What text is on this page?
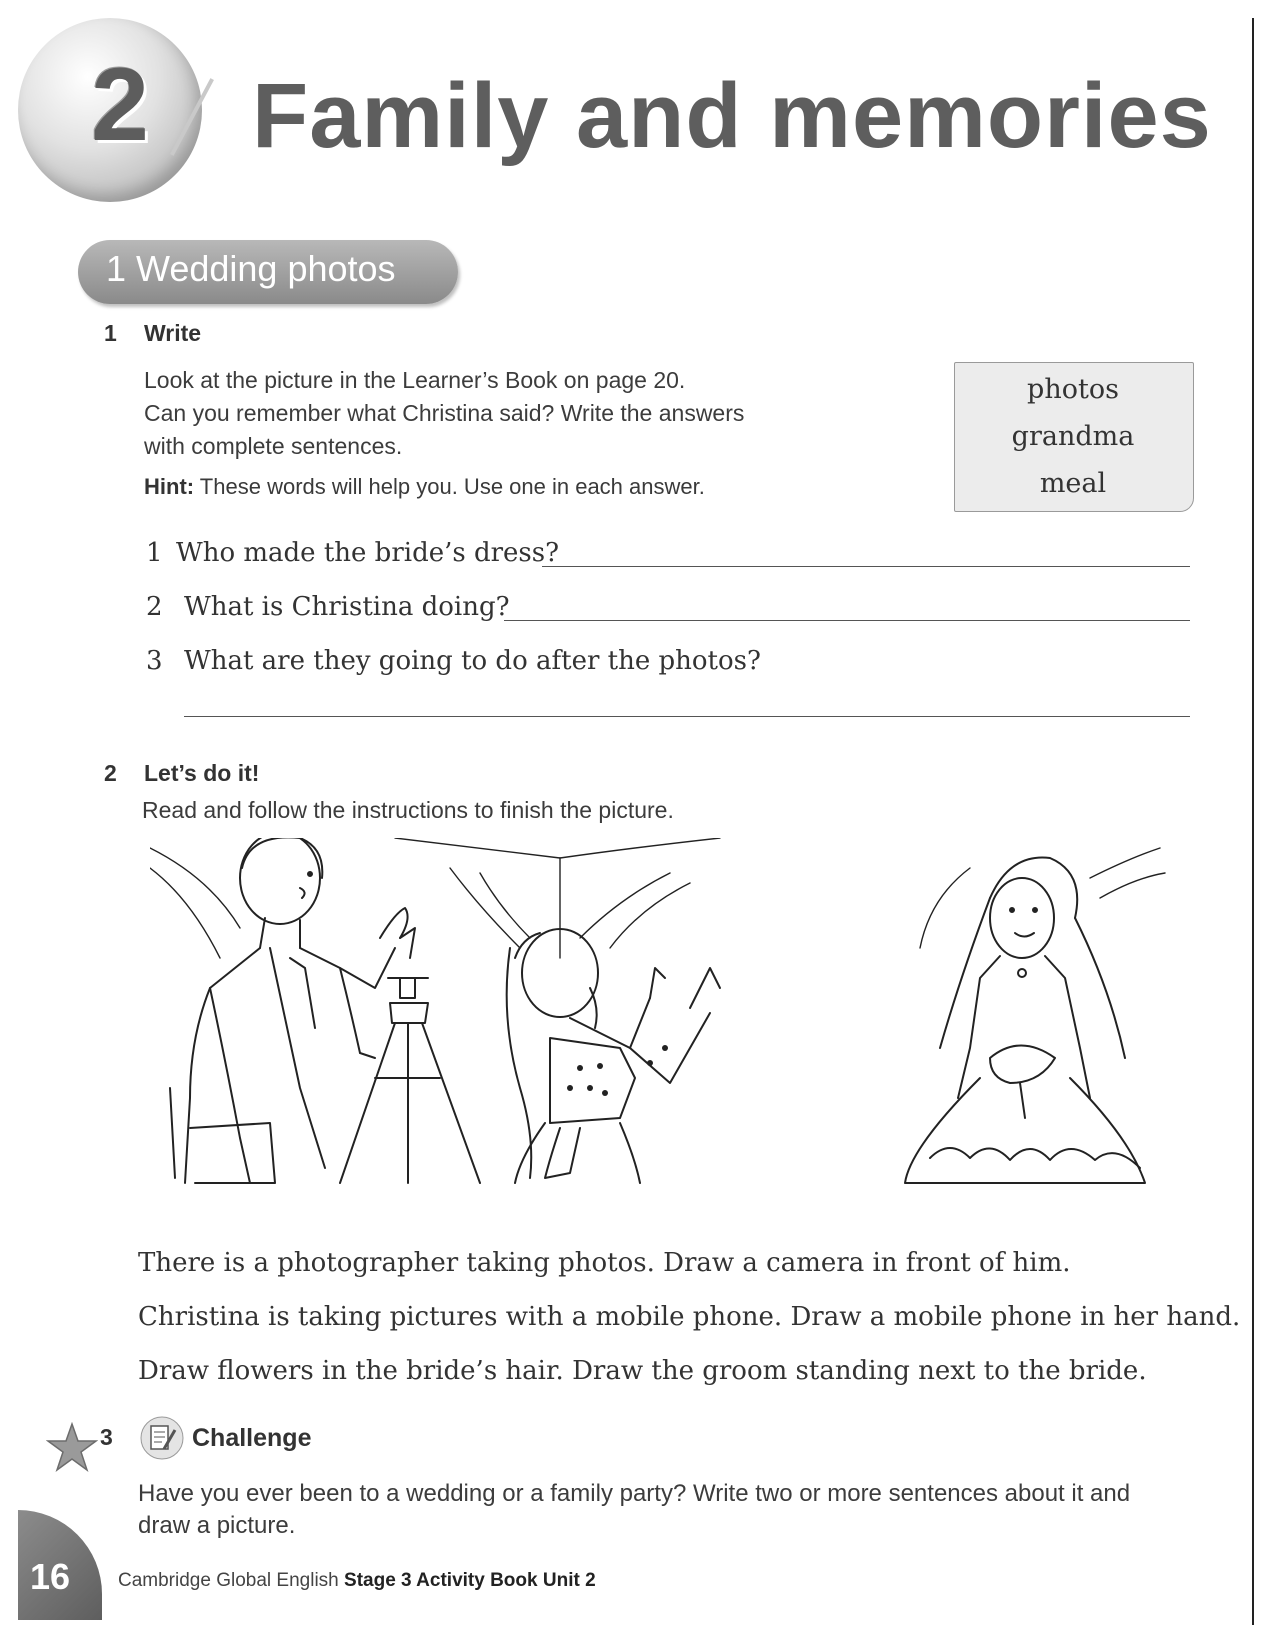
2 Family and memories
1 Wedding photos
1 Write
Look at the picture in the Learner’s Book on page 20.
Can you remember what Christina said? Write the answers
with complete sentences.
Hint: These words will help you. Use one in each answer.
photos
grandma
meal
1 Who made the bride’s dress?
2 What is Christina doing?
3 What are they going to do after the photos?
2 Let’s do it!
Read and follow the instructions to finish the picture.
There is a photographer taking photos. Draw a camera in front of him.
Christina is taking pictures with a mobile phone. Draw a mobile phone in her hand.
Draw flowers in the bride’s hair. Draw the groom standing next to the bride.
3	Challenge
Have you ever been to a wedding or a family party? Write two or more sentences about it and draw a picture.
16	Cambridge Global English Stage 3 Activity Book Unit 2
